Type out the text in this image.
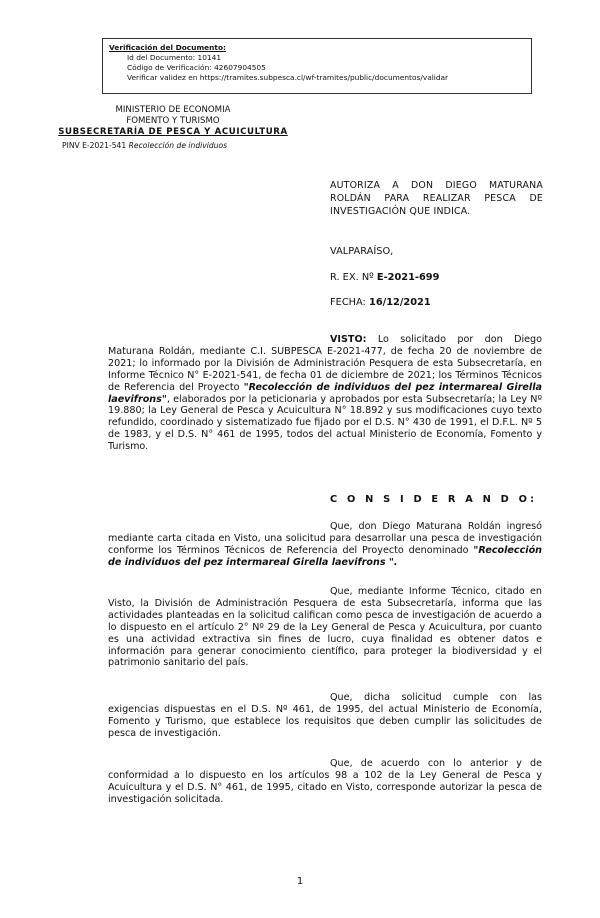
Verificación del Documento:
• Id del Documento: 10141
• Código de Verificación: 42607904505
• Verificar validez en https://tramites.subpesca.cl/wf-tramites/public/documentos/validar
MINISTERIO DE ECONOMIA
FOMENTO Y TURISMO
SUBSECRETARÍA DE PESCA Y ACUICULTURA
PINV E-2021-541 Recolección de individuos
AUTORIZA A DON DIEGO MATURANA ROLDÁN PARA REALIZAR PESCA DE INVESTIGACIÓN QUE INDICA.
VALPARAÍSO,
R. EX. Nº E-2021-699
FECHA: 16/12/2021
VISTO: Lo solicitado por don Diego Maturana Roldán, mediante C.I. SUBPESCA E-2021-477, de fecha 20 de noviembre de 2021; lo informado por la División de Administración Pesquera de esta Subsecretaría, en Informe Técnico N° E-2021-541, de fecha 01 de diciembre de 2021; los Términos Técnicos de Referencia del Proyecto "Recolección de individuos del pez intermareal Girella laevifrons", elaborados por la peticionaria y aprobados por esta Subsecretaría; la Ley Nº 19.880; la Ley General de Pesca y Acuicultura N° 18.892 y sus modificaciones cuyo texto refundido, coordinado y sistematizado fue fijado por el D.S. N° 430 de 1991, el D.F.L. Nº 5 de 1983, y el D.S. N° 461 de 1995, todos del actual Ministerio de Economía, Fomento y Turismo.
C O N S I D E R A N D O:
Que, don Diego Maturana Roldán ingresó mediante carta citada en Visto, una solicitud para desarrollar una pesca de investigación conforme los Términos Técnicos de Referencia del Proyecto denominado "Recolección de individuos del pez intermareal Girella laevifrons ".
Que, mediante Informe Técnico, citado en Visto, la División de Administración Pesquera de esta Subsecretaría, informa que las actividades planteadas en la solicitud califican como pesca de investigación de acuerdo a lo dispuesto en el artículo 2° Nº 29 de la Ley General de Pesca y Acuicultura, por cuanto es una actividad extractiva sin fines de lucro, cuya finalidad es obtener datos e información para generar conocimiento científico, para proteger la biodiversidad y el patrimonio sanitario del país.
Que, dicha solicitud cumple con las exigencias dispuestas en el D.S. Nº 461, de 1995, del actual Ministerio de Economía, Fomento y Turismo, que establece los requisitos que deben cumplir las solicitudes de pesca de investigación.
Que, de acuerdo con lo anterior y de conformidad a lo dispuesto en los artículos 98 a 102 de la Ley General de Pesca y Acuicultura y el D.S. N° 461, de 1995, citado en Visto, corresponde autorizar la pesca de investigación solicitada.
1
